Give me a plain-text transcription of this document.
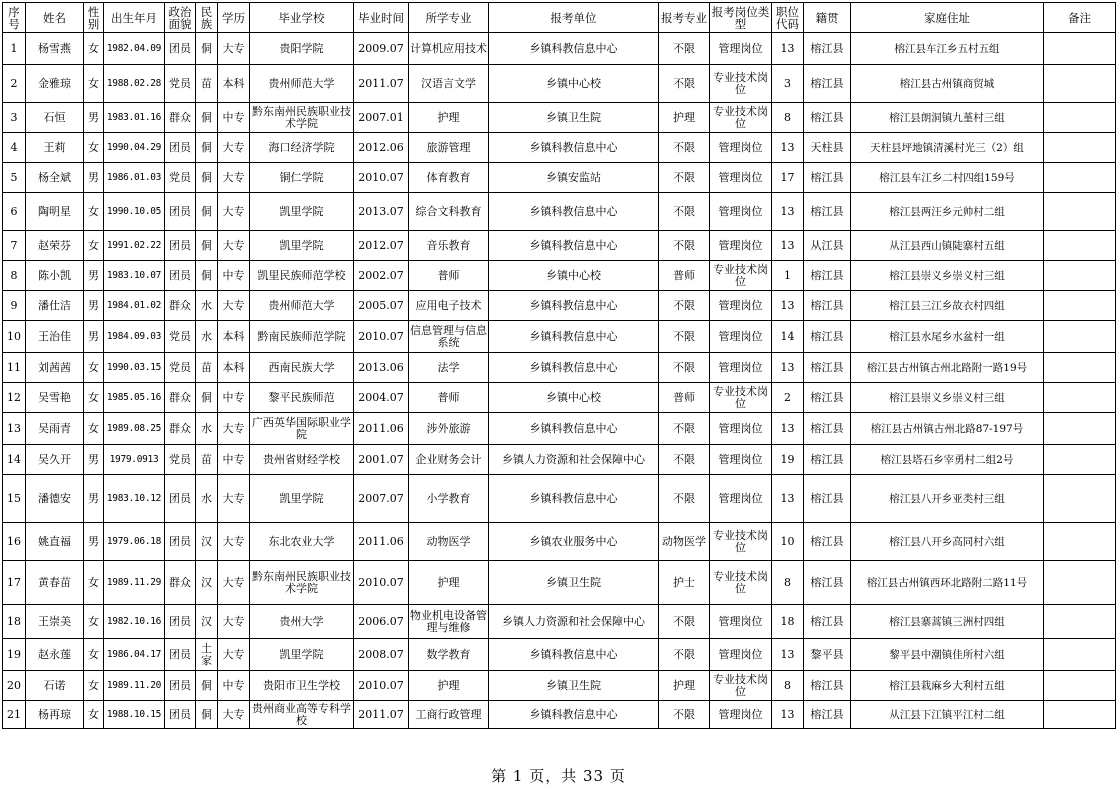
序号	姓名	性别	出生年月	政治面貌	民族	学历	毕业学校	毕业时间	所学专业	报考单位	报考专业	报考岗位类型	职位代码	籍贯	家庭住址	备注
1	杨雪燕	女	1982.04.09	团员	侗	大专	贵阳学院	2009.07	计算机应用技术	乡镇科教信息中心	不限	管理岗位	13	榕江县	榕江县车江乡五村五组	
2	金雅琼	女	1988.02.28	党员	苗	本科	贵州师范大学	2011.07	汉语言文学	乡镇中心校	不限	专业技术岗位	3	榕江县	榕江县古州镇商贸城	
3	石恒	男	1983.01.16	群众	侗	中专	黔东南州民族职业技术学院	2007.01	护理	乡镇卫生院	护理	专业技术岗位	8	榕江县	榕江县朗洞镇九堇村三组	
4	王莉	女	1990.04.29	团员	侗	大专	海口经济学院	2012.06	旅游管理	乡镇科教信息中心	不限	管理岗位	13	天柱县	天柱县坪地镇清溪村光三（2）组	
5	杨全斌	男	1986.01.03	党员	侗	大专	铜仁学院	2010.07	体育教育	乡镇安监站	不限	管理岗位	17	榕江县	榕江县车江乡二村四组159号	
6	陶明星	女	1990.10.05	团员	侗	大专	凯里学院	2013.07	综合文科教育	乡镇科教信息中心	不限	管理岗位	13	榕江县	榕江县两汪乡元帅村二组	
7	赵荣芬	女	1991.02.22	团员	侗	大专	凯里学院	2012.07	音乐教育	乡镇科教信息中心	不限	管理岗位	13	从江县	从江县西山镇陡寨村五组	
8	陈小凯	男	1983.10.07	团员	侗	中专	凯里民族师范学校	2002.07	普师	乡镇中心校	普师	专业技术岗位	1	榕江县	榕江县崇义乡崇义村三组	
9	潘仕洁	男	1984.01.02	群众	水	大专	贵州师范大学	2005.07	应用电子技术	乡镇科教信息中心	不限	管理岗位	13	榕江县	榕江县三江乡故衣村四组	
10	王治佳	男	1984.09.03	党员	水	本科	黔南民族师范学院	2010.07	信息管理与信息系统	乡镇科教信息中心	不限	管理岗位	14	榕江县	榕江县水尾乡水盆村一组	
11	刘茜茜	女	1990.03.15	党员	苗	本科	西南民族大学	2013.06	法学	乡镇科教信息中心	不限	管理岗位	13	榕江县	榕江县古州镇古州北路附一路19号	
12	吴雪艳	女	1985.05.16	群众	侗	中专	黎平民族师范	2004.07	普师	乡镇中心校	普师	专业技术岗位	2	榕江县	榕江县崇义乡崇义村三组	
13	吴雨青	女	1989.08.25	群众	水	大专	广西英华国际职业学院	2011.06	涉外旅游	乡镇科教信息中心	不限	管理岗位	13	榕江县	榕江县古州镇古州北路87-197号	
14	吴久开	男	1979.0913	党员	苗	中专	贵州省财经学校	2001.07	企业财务会计	乡镇人力资源和社会保障中心	不限	管理岗位	19	榕江县	榕江县塔石乡宰勇村二组2号	
15	潘德安	男	1983.10.12	团员	水	大专	凯里学院	2007.07	小学教育	乡镇科教信息中心	不限	管理岗位	13	榕江县	榕江县八开乡亚类村三组	
16	姚直福	男	1979.06.18	团员	汉	大专	东北农业大学	2011.06	动物医学	乡镇农业服务中心	动物医学	专业技术岗位	10	榕江县	榕江县八开乡高同村六组	
17	黄春苗	女	1989.11.29	群众	汉	大专	黔东南州民族职业技术学院	2010.07	护理	乡镇卫生院	护士	专业技术岗位	8	榕江县	榕江县古州镇西环北路附二路11号	
18	王崇美	女	1982.10.16	团员	汉	大专	贵州大学	2006.07	物业机电设备管理与维修	乡镇人力资源和社会保障中心	不限	管理岗位	18	榕江县	榕江县寨蒿镇三洲村四组	
19	赵永莲	女	1986.04.17	团员	土家	大专	凯里学院	2008.07	数学教育	乡镇科教信息中心	不限	管理岗位	13	黎平县	黎平县中潮镇佳所村六组	
20	石诺	女	1989.11.20	团员	侗	中专	贵阳市卫生学校	2010.07	护理	乡镇卫生院	护理	专业技术岗位	8	榕江县	榕江县栽麻乡大利村五组	
21	杨再琼	女	1988.10.15	团员	侗	大专	贵州商业高等专科学校	2011.07	工商行政管理	乡镇科教信息中心	不限	管理岗位	13	榕江县	从江县下江镇平江村二组	
第 1 页，共 33 页
